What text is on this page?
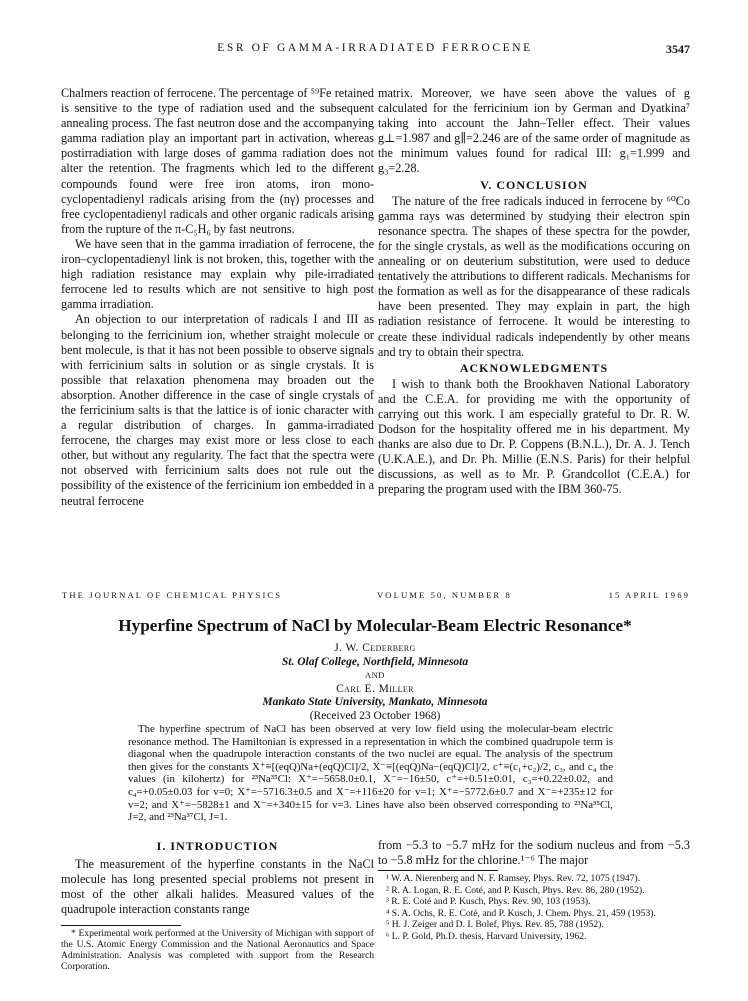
ESR OF GAMMA-IRRADIATED FERROCENE	3547

Chalmers reaction of ferrocene. The percentage of ⁵⁹Fe retained is sensitive to the type of radiation used and the subsequent annealing process. The fast neutron dose and the accompanying gamma radiation play an important part in activation, whereas postirradiation with large doses of gamma radiation does not alter the retention. The fragments which led to the different compounds found were free iron atoms, iron mono-cyclopentadienyl radicals arising from the (nγ) processes and free cyclopentadienyl radicals and other organic radicals arising from the rupture of the π-C₅H₆ by fast neutrons.

We have seen that in the gamma irradiation of ferrocene, the iron–cyclopentadienyl link is not broken, this, together with the high radiation resistance may explain why pile-irradiated ferrocene led to results which are not sensitive to high post gamma irradiation.

An objection to our interpretation of radicals I and III as belonging to the ferricinium ion, whether straight molecule or bent molecule, is that it has not been possible to observe signals with ferricinium salts in solution or as single crystals. It is possible that relaxation phenomena may broaden out the absorption. Another difference in the case of single crystals of the ferricinium salts is that the lattice is of ionic character with a regular distribution of charges. In gamma-irradiated ferrocene, the charges may exist more or less close to each other, but without any regularity. The fact that the spectra were not observed with ferricinium salts does not rule out the possibility of the existence of the ferricinium ion embedded in a neutral ferrocene

matrix. Moreover, we have seen above the values of g calculated for the ferricinium ion by German and Dyatkina⁷ taking into account the Jahn–Teller effect. Their values g⊥=1.987 and g∥=2.246 are of the same order of magnitude as the minimum values found for radical III: g₁=1.999 and g₃=2.28.

V. CONCLUSION

The nature of the free radicals induced in ferrocene by ⁶⁰Co gamma rays was determined by studying their electron spin resonance spectra. The shapes of these spectra for the powder, for the single crystals, as well as the modifications occuring on annealing or on deuterium substitution, were used to deduce tentatively the attributions to different radicals. Mechanisms for the formation as well as for the disappearance of these radicals have been presented. They may explain in part, the high radiation resistance of ferrocene. It would be interesting to create these individual radicals independently by other means and try to obtain their spectra.

ACKNOWLEDGMENTS

I wish to thank both the Brookhaven National Laboratory and the C.E.A. for providing me with the opportunity of carrying out this work. I am especially grateful to Dr. R. W. Dodson for the hospitality offered me in his department. My thanks are also due to Dr. P. Coppens (B.N.L.), Dr. A. J. Tench (U.K.A.E.), and Dr. Ph. Millie (E.N.S. Paris) for their helpful discussions, as well as to Mr. P. Grandcollot (C.E.A.) for preparing the program used with the IBM 360-75.

THE JOURNAL OF CHEMICAL PHYSICS	VOLUME 50, NUMBER 8	15 APRIL 1969
Hyperfine Spectrum of NaCl by Molecular-Beam Electric Resonance*
J. W. Cederberg
St. Olaf College, Northfield, Minnesota
AND
Carl E. Miller
Mankato State University, Mankato, Minnesota
(Received 23 October 1968)

The hyperfine spectrum of NaCl has been observed at very low field using the molecular-beam electric resonance method. The Hamiltonian is expressed in a representation in which the combined quadrupole term is diagonal when the quadrupole interaction constants of the two nuclei are equal. The analysis of the spectrum then gives for the constants X⁺≡[(eqQ)Na+(eqQ)Cl]/2, X⁻≡[(eqQ)Na−(eqQ)Cl]/2, c⁺≡(c₁+c₂)/2, c₃, and c₄ the values (in kilohertz) for ²³Na³⁵Cl: X⁺=−5658.0±0.1, X⁻=−16±50, c⁺=+0.51±0.01, c₃=+0.22±0.02, and c₄=+0.05±0.03 for v=0; X⁺=−5716.3±0.5 and X⁻=+116±20 for v=1; X⁺=−5772.6±0.7 and X⁻=+235±12 for v=2; and X⁺=−5828±1 and X⁻=+340±15 for v=3. Lines have also been observed corresponding to ²³Na³⁵Cl, J=2, and ²³Na³⁷Cl, J=1.

I. INTRODUCTION

The measurement of the hyperfine constants in the NaCl molecule has long presented special problems not present in most of the other alkali halides. Measured values of the quadrupole interaction constants range

* Experimental work performed at the University of Michigan with support of the U.S. Atomic Energy Commission and the National Aeronautics and Space Administration. Analysis was completed with support from the Research Corporation.

from −5.3 to −5.7 mHz for the sodium nucleus and from −5.3 to −5.8 mHz for the chlorine.¹⁻⁶ The major

¹ W. A. Nierenberg and N. F. Ramsey, Phys. Rev. 72, 1075 (1947).

² R. A. Logan, R. E. Coté, and P. Kusch, Phys. Rev. 86, 280 (1952).

³ R. E. Coté and P. Kusch, Phys. Rev. 90, 103 (1953).

⁴ S. A. Ochs, R. E. Coté, and P. Kusch, J. Chem. Phys. 21, 459 (1953).

⁵ H. J. Zeiger and D. I. Bolef, Phys. Rev. 85, 788 (1952).

⁶ L. P. Gold, Ph.D. thesis, Harvard University, 1962.
